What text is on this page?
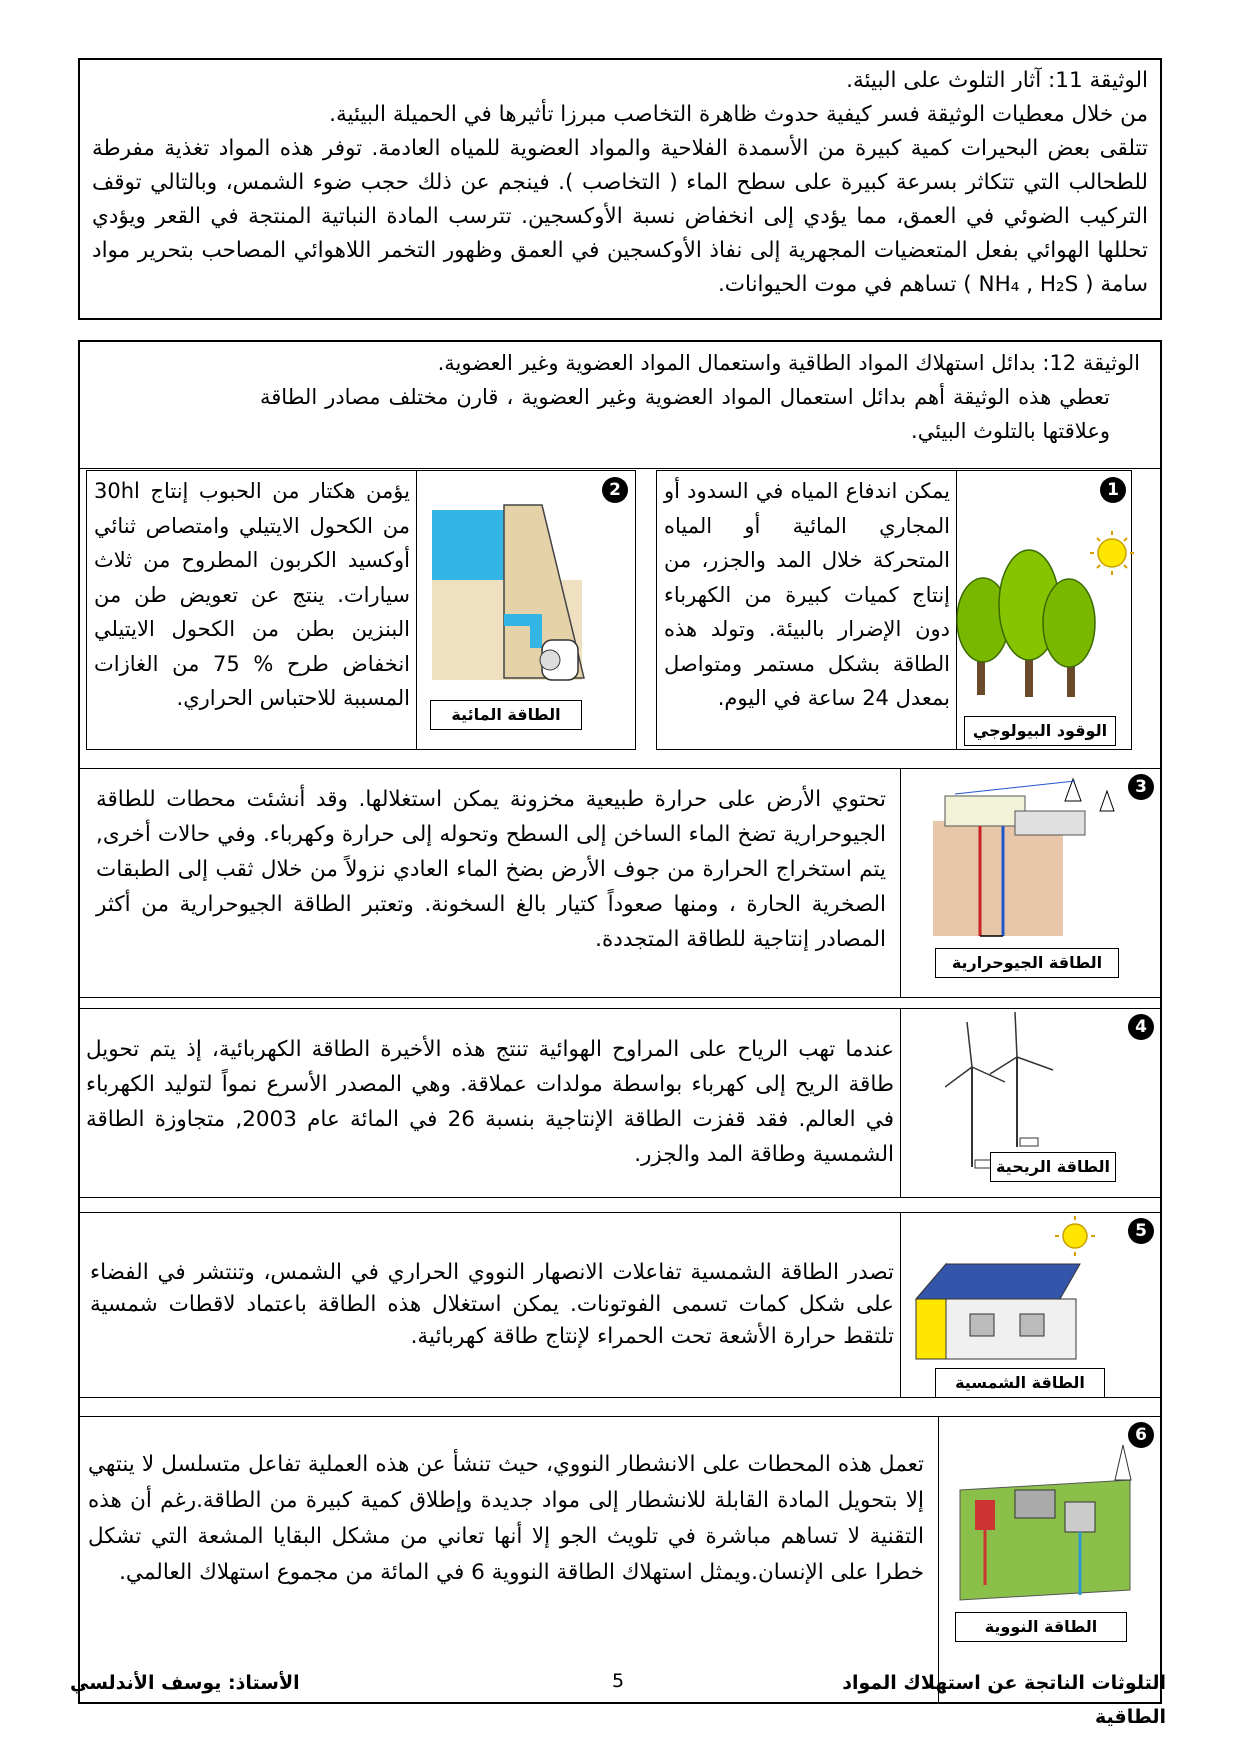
الوثيقة 11: آثار التلوث على البيئة.
من خلال معطيات الوثيقة فسر كيفية حدوث ظاهرة التخاصب مبرزا تأثيرها في الحميلة البيئية.
تتلقى بعض البحيرات كمية كبيرة من الأسمدة الفلاحية والمواد العضوية للمياه العادمة. توفر هذه المواد تغذية مفرطة للطحالب التي تتكاثر بسرعة كبيرة على سطح الماء ( التخاصب ). فينجم عن ذلك حجب ضوء الشمس، وبالتالي توقف التركيب الضوئي في العمق، مما يؤدي إلى انخفاض نسبة الأوكسجين. تترسب المادة النباتية المنتجة في القعر ويؤدي تحللها الهوائي بفعل المتعضيات المجهرية إلى نفاذ الأوكسجين في العمق وظهور التخمر اللاهوائي المصاحب بتحرير مواد سامة ( NH₄ , H₂S ) تساهم في موت الحيوانات.
الوثيقة 12: بدائل استهلاك المواد الطاقية واستعمال المواد العضوية وغير العضوية.
تعطي هذه الوثيقة أهم بدائل استعمال المواد العضوية وغير العضوية ، قارن مختلف مصادر الطاقة وعلاقتها بالتلوث البيئي.
1
يمكن اندفاع المياه في السدود أو المجاري المائية أو المياه المتحركة خلال المد والجزر، من إنتاج كميات كبيرة من الكهرباء دون الإضرار بالبيئة. وتولد هذه الطاقة بشكل مستمر ومتواصل بمعدل 24 ساعة في اليوم.
الوقود البيولوجي
2
يؤمن هكتار من الحبوب إنتاج 30hl من الكحول الايتيلي وامتصاص ثنائي أوكسيد الكربون المطروح من ثلاث سيارات. ينتج عن تعويض طن من البنزين بطن من الكحول الايتيلي انخفاض طرح % 75 من الغازات المسببة للاحتباس الحراري.
الطاقة المائية
3
تحتوي الأرض على حرارة طبيعية مخزونة يمكن استغلالها. وقد أنشئت محطات للطاقة الجيوحرارية تضخ الماء الساخن إلى السطح وتحوله إلى حرارة وكهرباء. وفي حالات أخرى, يتم استخراج الحرارة من جوف الأرض بضخ الماء العادي نزولاً من خلال ثقب إلى الطبقات الصخرية الحارة ، ومنها صعوداً كتيار بالغ السخونة. وتعتبر الطاقة الجيوحرارية من أكثر المصادر إنتاجية للطاقة المتجددة.
الطاقة الجيوحرارية
4
عندما تهب الرياح على المراوح الهوائية تنتج هذه الأخيرة الطاقة الكهربائية، إذ يتم تحويل طاقة الريح إلى كهرباء بواسطة مولدات عملاقة. وهي المصدر الأسرع نمواً لتوليد الكهرباء في العالم. فقد قفزت الطاقة الإنتاجية بنسبة 26 في المائة عام 2003, متجاوزة الطاقة الشمسية وطاقة المد والجزر.	الطاقة الريحية
5
تصدر الطاقة الشمسية تفاعلات الانصهار النووي الحراري في الشمس، وتنتشر في الفضاء على شكل كمات تسمى الفوتونات. يمكن استغلال هذه الطاقة باعتماد لاقطات شمسية تلتقط حرارة الأشعة تحت الحمراء لإنتاج طاقة كهربائية.
الطاقة الشمسية
6
تعمل هذه المحطات على الانشطار النووي، حيث تنشأ عن هذه العملية تفاعل متسلسل لا ينتهي إلا بتحويل المادة القابلة للانشطار إلى مواد جديدة وإطلاق كمية كبيرة من الطاقة.رغم أن هذه التقنية لا تساهم مباشرة في تلويث الجو إلا أنها تعاني من مشكل البقايا المشعة التي تشكل خطرا على الإنسان.ويمثل استهلاك الطاقة النووية 6 في المائة من مجموع استهلاك العالمي.
الطاقة النووية
الأستاذ: يوسف الأندلسي	5	التلوثات الناتجة عن استهلاك المواد الطاقية
